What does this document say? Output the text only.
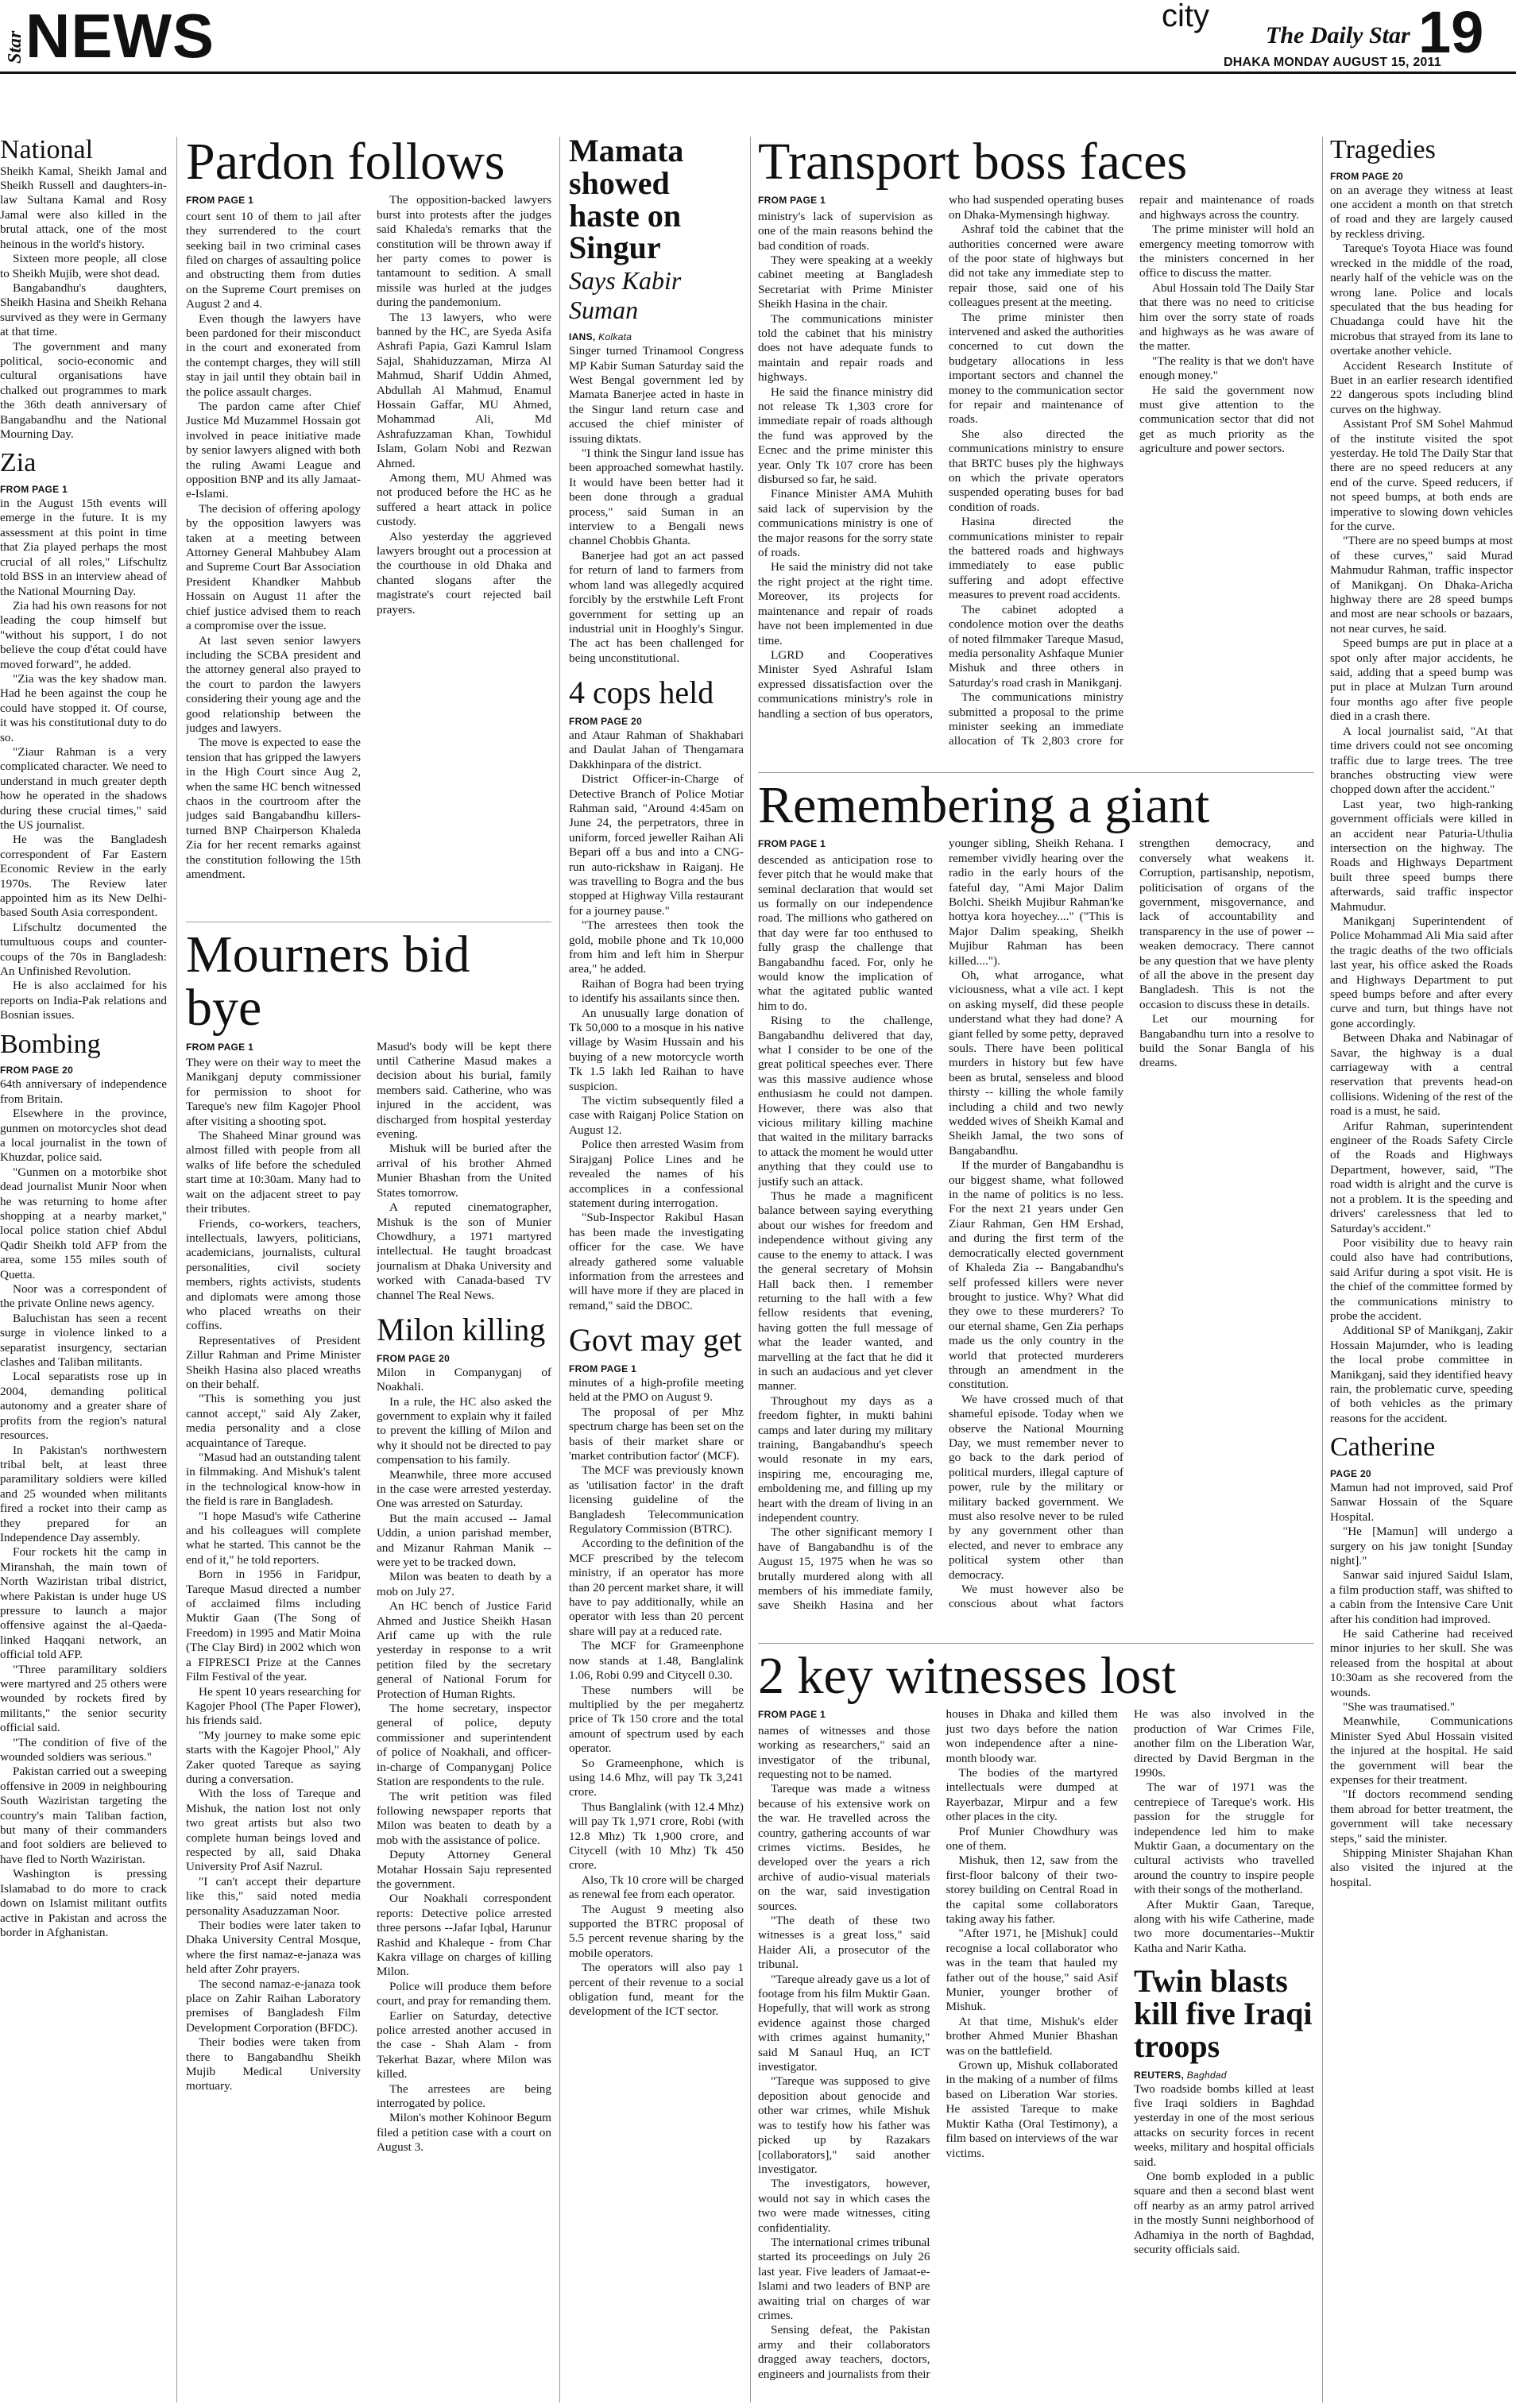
Star NEWS	city
The Daily Star
DHAKA MONDAY AUGUST 15, 2011
19
National

Sheikh Kamal, Sheikh Jamal and Sheikh Russell and daughters-in-law Sultana Kamal and Rosy Jamal were also killed in the brutal attack, one of the most heinous in the world's history.

Sixteen more people, all close to Sheikh Mujib, were shot dead.

Bangabandhu's daughters, Sheikh Hasina and Sheikh Rehana survived as they were in Germany at that time.

The government and many political, socio-economic and cultural organisations have chalked out programmes to mark the 36th death anniversary of Bangabandhu and the National Mourning Day.

Zia
FROM PAGE 1

in the August 15th events will emerge in the future. It is my assessment at this point in time that Zia played perhaps the most crucial of all roles," Lifschultz told BSS in an interview ahead of the National Mourning Day.

Zia had his own reasons for not leading the coup himself but "without his support, I do not believe the coup d'état could have moved forward", he added.

"Zia was the key shadow man. Had he been against the coup he could have stopped it. Of course, it was his constitutional duty to do so.

"Ziaur Rahman is a very complicated character. We need to understand in much greater depth how he operated in the shadows during these crucial times," said the US journalist.

He was the Bangladesh correspondent of Far Eastern Economic Review in the early 1970s. The Review later appointed him as its New Delhi-based South Asia correspondent.

Lifschultz documented the tumultuous coups and counter-coups of the 70s in Bangladesh: An Unfinished Revolution.

He is also acclaimed for his reports on India-Pak relations and Bosnian issues.

Bombing
FROM PAGE 20

64th anniversary of independence from Britain.

Elsewhere in the province, gunmen on motorcycles shot dead a local journalist in the town of Khuzdar, police said.

"Gunmen on a motorbike shot dead journalist Munir Noor when he was returning to home after shopping at a nearby market," local police station chief Abdul Qadir Sheikh told AFP from the area, some 155 miles south of Quetta.

Noor was a correspondent of the private Online news agency.

Baluchistan has seen a recent surge in violence linked to a separatist insurgency, sectarian clashes and Taliban militants.

Local separatists rose up in 2004, demanding political autonomy and a greater share of profits from the region's natural resources.

In Pakistan's northwestern tribal belt, at least three paramilitary soldiers were killed and 25 wounded when militants fired a rocket into their camp as they prepared for an Independence Day assembly.

Four rockets hit the camp in Miranshah, the main town of North Waziristan tribal district, where Pakistan is under huge US pressure to launch a major offensive against the al-Qaeda-linked Haqqani network, an official told AFP.

"Three paramilitary soldiers were martyred and 25 others were wounded by rockets fired by militants," the senior security official said.

"The condition of five of the wounded soldiers was serious."

Pakistan carried out a sweeping offensive in 2009 in neighbouring South Waziristan targeting the country's main Taliban faction, but many of their commanders and foot soldiers are believed to have fled to North Waziristan.

Washington is pressing Islamabad to do more to crack down on Islamist militant outfits active in Pakistan and across the border in Afghanistan.

Pardon follows
FROM PAGE 1

court sent 10 of them to jail after they surrendered to the court seeking bail in two criminal cases filed on charges of assaulting police and obstructing them from duties on the Supreme Court premises on August 2 and 4.

Even though the lawyers have been pardoned for their misconduct in the court and exonerated from the contempt charges, they will still stay in jail until they obtain bail in the police assault charges.

The pardon came after Chief Justice Md Muzammel Hossain got involved in peace initiative made by senior lawyers aligned with both the ruling Awami League and opposition BNP and its ally Jamaat-e-Islami.

The decision of offering apology by the opposition lawyers was taken at a meeting between Attorney General Mahbubey Alam and Supreme Court Bar Association President Khandker Mahbub Hossain on August 11 after the chief justice advised them to reach a compromise over the issue.

At last seven senior lawyers including the SCBA president and the attorney general also prayed to the court to pardon the lawyers considering their young age and the good relationship between the judges and lawyers.

The move is expected to ease the tension that has gripped the lawyers in the High Court since Aug 2, when the same HC bench witnessed chaos in the courtroom after the judges said Bangabandhu killers-turned BNP Chairperson Khaleda Zia for her recent remarks against the constitution following the 15th amendment.

The opposition-backed lawyers burst into protests after the judges said Khaleda's remarks that the constitution will be thrown away if her party comes to power is tantamount to sedition. A small missile was hurled at the judges during the pandemonium.

The 13 lawyers, who were banned by the HC, are Syeda Asifa Ashrafi Papia, Gazi Kamrul Islam Sajal, Shahiduzzaman, Mirza Al Mahmud, Sharif Uddin Ahmed, Abdullah Al Mahmud, Enamul Hossain Gaffar, MU Ahmed, Mohammad Ali, Md Ashrafuzzaman Khan, Towhidul Islam, Golam Nobi and Rezwan Ahmed.

Among them, MU Ahmed was not produced before the HC as he suffered a heart attack in police custody.

Also yesterday the aggrieved lawyers brought out a procession at the courthouse in old Dhaka and chanted slogans after the magistrate's court rejected bail prayers.

Mourners bid bye
FROM PAGE 1

They were on their way to meet the Manikganj deputy commissioner for permission to shoot for Tareque's new film Kagojer Phool after visiting a shooting spot.

The Shaheed Minar ground was almost filled with people from all walks of life before the scheduled start time at 10:30am. Many had to wait on the adjacent street to pay their tributes.

Friends, co-workers, teachers, intellectuals, lawyers, politicians, academicians, journalists, cultural personalities, civil society members, rights activists, students and diplomats were among those who placed wreaths on their coffins.

Representatives of President Zillur Rahman and Prime Minister Sheikh Hasina also placed wreaths on their behalf.

"This is something you just cannot accept," said Aly Zaker, media personality and a close acquaintance of Tareque.

"Masud had an outstanding talent in filmmaking. And Mishuk's talent in the technological know-how in the field is rare in Bangladesh.

"I hope Masud's wife Catherine and his colleagues will complete what he started. This cannot be the end of it," he told reporters.

Born in 1956 in Faridpur, Tareque Masud directed a number of acclaimed films including Muktir Gaan (The Song of Freedom) in 1995 and Matir Moina (The Clay Bird) in 2002 which won a FIPRESCI Prize at the Cannes Film Festival of the year.

He spent 10 years researching for Kagojer Phool (The Paper Flower), his friends said.

"My journey to make some epic starts with the Kagojer Phool," Aly Zaker quoted Tareque as saying during a conversation.

With the loss of Tareque and Mishuk, the nation lost not only two great artists but also two complete human beings loved and respected by all, said Dhaka University Prof Asif Nazrul.

"I can't accept their departure like this," said noted media personality Asaduzzaman Noor.

Their bodies were later taken to Dhaka University Central Mosque, where the first namaz-e-janaza was held after Zohr prayers.

The second namaz-e-janaza took place on Zahir Raihan Laboratory premises of Bangladesh Film Development Corporation (BFDC).

Their bodies were taken from there to Bangabandhu Sheikh Mujib Medical University mortuary.

Masud's body will be kept there until Catherine Masud makes a decision about his burial, family members said. Catherine, who was injured in the accident, was discharged from hospital yesterday evening.

Mishuk will be buried after the arrival of his brother Ahmed Munier Bhashan from the United States tomorrow.

A reputed cinematographer, Mishuk is the son of Munier Chowdhury, a 1971 martyred intellectual. He taught broadcast journalism at Dhaka University and worked with Canada-based TV channel The Real News.

Milon killing
FROM PAGE 20

Milon in Companyganj of Noakhali.

In a rule, the HC also asked the government to explain why it failed to prevent the killing of Milon and why it should not be directed to pay compensation to his family.

Meanwhile, three more accused in the case were arrested yesterday. One was arrested on Saturday.

But the main accused -- Jamal Uddin, a union parishad member, and Mizanur Rahman Manik -- were yet to be tracked down.

Milon was beaten to death by a mob on July 27.

An HC bench of Justice Farid Ahmed and Justice Sheikh Hasan Arif came up with the rule yesterday in response to a writ petition filed by the secretary general of National Forum for Protection of Human Rights.

The home secretary, inspector general of police, deputy commissioner and superintendent of police of Noakhali, and officer-in-charge of Companyganj Police Station are respondents to the rule.

The writ petition was filed following newspaper reports that Milon was beaten to death by a mob with the assistance of police.

Deputy Attorney General Motahar Hossain Saju represented the government.

Our Noakhali correspondent reports: Detective police arrested three persons --Jafar Iqbal, Harunur Rashid and Khaleque - from Char Kakra village on charges of killing Milon.

Police will produce them before court, and pray for remanding them.

Earlier on Saturday, detective police arrested another accused in the case - Shah Alam - from Tekerhat Bazar, where Milon was killed.

The arrestees are being interrogated by police.

Milon's mother Kohinoor Begum filed a petition case with a court on August 3.

Mamata showed haste on Singur
Says Kabir Suman
IANS, Kolkata

Singer turned Trinamool Congress MP Kabir Suman Saturday said the West Bengal government led by Mamata Banerjee acted in haste in the Singur land return case and accused the chief minister of issuing diktats.

"I think the Singur land issue has been approached somewhat hastily. It would have been better had it been done through a gradual process," said Suman in an interview to a Bengali news channel Chobbis Ghanta.

Banerjee had got an act passed for return of land to farmers from whom land was allegedly acquired forcibly by the erstwhile Left Front government for setting up an industrial unit in Hooghly's Singur. The act has been challenged for being unconstitutional.

4 cops held
FROM PAGE 20

and Ataur Rahman of Shakhabari and Daulat Jahan of Thengamara Dakkhinpara of the district.

District Officer-in-Charge of Detective Branch of Police Motiar Rahman said, "Around 4:45am on June 24, the perpetrators, three in uniform, forced jeweller Raihan Ali Bepari off a bus and into a CNG-run auto-rickshaw in Raiganj. He was travelling to Bogra and the bus stopped at Highway Villa restaurant for a journey pause."

"The arrestees then took the gold, mobile phone and Tk 10,000 from him and left him in Sherpur area," he added.

Raihan of Bogra had been trying to identify his assailants since then.

An unusually large donation of Tk 50,000 to a mosque in his native village by Wasim Hussain and his buying of a new motorcycle worth Tk 1.5 lakh led Raihan to have suspicion.

The victim subsequently filed a case with Raiganj Police Station on August 12.

Police then arrested Wasim from Sirajganj Police Lines and he revealed the names of his accomplices in a confessional statement during interrogation.

"Sub-Inspector Rakibul Hasan has been made the investigating officer for the case. We have already gathered some valuable information from the arrestees and will have more if they are placed in remand," said the DBOC.

Govt may get
FROM PAGE 1

minutes of a high-profile meeting held at the PMO on August 9.

The proposal of per Mhz spectrum charge has been set on the basis of their market share or 'market contribution factor' (MCF).

The MCF was previously known as 'utilisation factor' in the draft licensing guideline of the Bangladesh Telecommunication Regulatory Commission (BTRC).

According to the definition of the MCF prescribed by the telecom ministry, if an operator has more than 20 percent market share, it will have to pay additionally, while an operator with less than 20 percent share will pay at a reduced rate.

The MCF for Grameenphone now stands at 1.48, Banglalink 1.06, Robi 0.99 and Citycell 0.30.

These numbers will be multiplied by the per megahertz price of Tk 150 crore and the total amount of spectrum used by each operator.

So Grameenphone, which is using 14.6 Mhz, will pay Tk 3,241 crore.

Thus Banglalink (with 12.4 Mhz) will pay Tk 1,971 crore, Robi (with 12.8 Mhz) Tk 1,900 crore, and Citycell (with 10 Mhz) Tk 450 crore.

Also, Tk 10 crore will be charged as renewal fee from each operator.

The August 9 meeting also supported the BTRC proposal of 5.5 percent revenue sharing by the mobile operators.

The operators will also pay 1 percent of their revenue to a social obligation fund, meant for the development of the ICT sector.

Transport boss faces
FROM PAGE 1

ministry's lack of supervision as one of the main reasons behind the bad condition of roads.

They were speaking at a weekly cabinet meeting at Bangladesh Secretariat with Prime Minister Sheikh Hasina in the chair.

The communications minister told the cabinet that his ministry does not have adequate funds to maintain and repair roads and highways.

He said the finance ministry did not release Tk 1,303 crore for immediate repair of roads although the fund was approved by the Ecnec and the prime minister this year. Only Tk 107 crore has been disbursed so far, he said.

Finance Minister AMA Muhith said lack of supervision by the communications ministry is one of the major reasons for the sorry state of roads.

He said the ministry did not take the right project at the right time. Moreover, its projects for maintenance and repair of roads have not been implemented in due time.

LGRD and Cooperatives Minister Syed Ashraful Islam expressed dissatisfaction over the communications ministry's role in handling a section of bus operators, who had suspended operating buses on Dhaka-Mymensingh highway.

Ashraf told the cabinet that the authorities concerned were aware of the poor state of highways but did not take any immediate step to repair those, said one of his colleagues present at the meeting.

The prime minister then intervened and asked the authorities concerned to cut down the budgetary allocations in less important sectors and channel the money to the communication sector for repair and maintenance of roads.

She also directed the communications ministry to ensure that BRTC buses ply the highways on which the private operators suspended operating buses for bad condition of roads.

Hasina directed the communications minister to repair the battered roads and highways immediately to ease public suffering and adopt effective measures to prevent road accidents.

The cabinet adopted a condolence motion over the deaths of noted filmmaker Tareque Masud, media personality Ashfaque Munier Mishuk and three others in Saturday's road crash in Manikganj.

The communications ministry submitted a proposal to the prime minister seeking an immediate allocation of Tk 2,803 crore for repair and maintenance of roads and highways across the country.

The prime minister will hold an emergency meeting tomorrow with the ministers concerned in her office to discuss the matter.

Abul Hossain told The Daily Star that there was no need to criticise him over the sorry state of roads and highways as he was aware of the matter.

"The reality is that we don't have enough money."

He said the government now must give attention to the communication sector that did not get as much priority as the agriculture and power sectors.

Remembering a giant
FROM PAGE 1

descended as anticipation rose to fever pitch that he would make that seminal declaration that would set us formally on our independence road. The millions who gathered on that day were far too enthused to fully grasp the challenge that Bangabandhu faced. For, only he would know the implication of what the agitated public wanted him to do.

Rising to the challenge, Bangabandhu delivered that day, what I consider to be one of the great political speeches ever. There was this massive audience whose enthusiasm he could not dampen. However, there was also that vicious military killing machine that waited in the military barracks to attack the moment he would utter anything that they could use to justify such an attack.

Thus he made a magnificent balance between saying everything about our wishes for freedom and independence without giving any cause to the enemy to attack. I was the general secretary of Mohsin Hall back then. I remember returning to the hall with a few fellow residents that evening, having gotten the full message of what the leader wanted, and marvelling at the fact that he did it in such an audacious and yet clever manner.

Throughout my days as a freedom fighter, in mukti bahini camps and later during my military training, Bangabandhu's speech would resonate in my ears, inspiring me, encouraging me, emboldening me, and filling up my heart with the dream of living in an independent country.

The other significant memory I have of Bangabandhu is of the August 15, 1975 when he was so brutally murdered along with all members of his immediate family, save Sheikh Hasina and her younger sibling, Sheikh Rehana. I remember vividly hearing over the radio in the early hours of the fateful day, "Ami Major Dalim Bolchi. Sheikh Mujibur Rahman'ke hottya kora hoyechey...." ("This is Major Dalim speaking, Sheikh Mujibur Rahman has been killed....").

Oh, what arrogance, what viciousness, what a vile act. I kept on asking myself, did these people understand what they had done? A giant felled by some petty, depraved souls. There have been political murders in history but few have been as brutal, senseless and blood thirsty -- killing the whole family including a child and two newly wedded wives of Sheikh Kamal and Sheikh Jamal, the two sons of Bangabandhu.

If the murder of Bangabandhu is our biggest shame, what followed in the name of politics is no less. For the next 21 years under Gen Ziaur Rahman, Gen HM Ershad, and during the first term of the democratically elected government of Khaleda Zia -- Bangabandhu's self professed killers were never brought to justice. Why? What did they owe to these murderers? To our eternal shame, Gen Zia perhaps made us the only country in the world that protected murderers through an amendment in the constitution.

We have crossed much of that shameful episode. Today when we observe the National Mourning Day, we must remember never to go back to the dark period of political murders, illegal capture of power, rule by the military or military backed government. We must also resolve never to be ruled by any government other than elected, and never to embrace any political system other than democracy.

We must however also be conscious about what factors strengthen democracy, and conversely what weakens it. Corruption, partisanship, nepotism, politicisation of organs of the government, misgovernance, and lack of accountability and transparency in the use of power -- weaken democracy. There cannot be any question that we have plenty of all the above in the present day Bangladesh. This is not the occasion to discuss these in details.

Let our mourning for Bangabandhu turn into a resolve to build the Sonar Bangla of his dreams.

2 key witnesses lost
FROM PAGE 1

names of witnesses and those working as researchers," said an investigator of the tribunal, requesting not to be named.

Tareque was made a witness because of his extensive work on the war. He travelled across the country, gathering accounts of war crimes victims. Besides, he developed over the years a rich archive of audio-visual materials on the war, said investigation sources.

"The death of these two witnesses is a great loss," said Haider Ali, a prosecutor of the tribunal.

"Tareque already gave us a lot of footage from his film Muktir Gaan. Hopefully, that will work as strong evidence against those charged with crimes against humanity," said M Sanaul Huq, an ICT investigator.

"Tareque was supposed to give deposition about genocide and other war crimes, while Mishuk was to testify how his father was picked up by Razakars [collaborators]," said another investigator.

The investigators, however, would not say in which cases the two were made witnesses, citing confidentiality.

The international crimes tribunal started its proceedings on July 26 last year. Five leaders of Jamaat-e-Islami and two leaders of BNP are awaiting trial on charges of war crimes.

Sensing defeat, the Pakistan army and their collaborators dragged away teachers, doctors, engineers and journalists from their houses in Dhaka and killed them just two days before the nation won independence after a nine-month bloody war.

The bodies of the martyred intellectuals were dumped at Rayerbazar, Mirpur and a few other places in the city.

Prof Munier Chowdhury was one of them.

Mishuk, then 12, saw from the first-floor balcony of their two-storey building on Central Road in the capital some collaborators taking away his father.

"After 1971, he [Mishuk] could recognise a local collaborator who was in the team that hauled my father out of the house," said Asif Munier, younger brother of Mishuk.

At that time, Mishuk's elder brother Ahmed Munier Bhashan was on the battlefield.

Grown up, Mishuk collaborated in the making of a number of films based on Liberation War stories. He assisted Tareque to make Muktir Katha (Oral Testimony), a film based on interviews of the war victims.

He was also involved in the production of War Crimes File, another film on the Liberation War, directed by David Bergman in the 1990s.

The war of 1971 was the centrepiece of Tareque's work. His passion for the struggle for independence led him to make Muktir Gaan, a documentary on the cultural activists who travelled around the country to inspire people with their songs of the motherland.

After Muktir Gaan, Tareque, along with his wife Catherine, made two more documentaries--Muktir Katha and Narir Katha.

Twin blasts kill five Iraqi troops
REUTERS, Baghdad

Two roadside bombs killed at least five Iraqi soldiers in Baghdad yesterday in one of the most serious attacks on security forces in recent weeks, military and hospital officials said.

One bomb exploded in a public square and then a second blast went off nearby as an army patrol arrived in the mostly Sunni neighborhood of Adhamiya in the north of Baghdad, security officials said.

Tragedies
FROM PAGE 20

on an average they witness at least one accident a month on that stretch of road and they are largely caused by reckless driving.

Tareque's Toyota Hiace was found wrecked in the middle of the road, nearly half of the vehicle was on the wrong lane. Police and locals speculated that the bus heading for Chuadanga could have hit the microbus that strayed from its lane to overtake another vehicle.

Accident Research Institute of Buet in an earlier research identified 22 dangerous spots including blind curves on the highway.

Assistant Prof SM Sohel Mahmud of the institute visited the spot yesterday. He told The Daily Star that there are no speed reducers at any end of the curve. Speed reducers, if not speed bumps, at both ends are imperative to slowing down vehicles for the curve.

"There are no speed bumps at most of these curves," said Murad Mahmudur Rahman, traffic inspector of Manikganj. On Dhaka-Aricha highway there are 28 speed bumps and most are near schools or bazaars, not near curves, he said.

Speed bumps are put in place at a spot only after major accidents, he said, adding that a speed bump was put in place at Mulzan Turn around four months ago after five people died in a crash there.

A local journalist said, "At that time drivers could not see oncoming traffic due to large trees. The tree branches obstructing view were chopped down after the accident."

Last year, two high-ranking government officials were killed in an accident near Paturia-Uthulia intersection on the highway. The Roads and Highways Department built three speed bumps there afterwards, said traffic inspector Mahmudur.

Manikganj Superintendent of Police Mohammad Ali Mia said after the tragic deaths of the two officials last year, his office asked the Roads and Highways Department to put speed bumps before and after every curve and turn, but things have not gone accordingly.

Between Dhaka and Nabinagar of Savar, the highway is a dual carriageway with a central reservation that prevents head-on collisions. Widening of the rest of the road is a must, he said.

Arifur Rahman, superintendent engineer of the Roads Safety Circle of the Roads and Highways Department, however, said, "The road width is alright and the curve is not a problem. It is the speeding and drivers' carelessness that led to Saturday's accident."

Poor visibility due to heavy rain could also have had contributions, said Arifur during a spot visit. He is the chief of the committee formed by the communications ministry to probe the accident.

Additional SP of Manikganj, Zakir Hossain Majumder, who is leading the local probe committee in Manikganj, said they identified heavy rain, the problematic curve, speeding of both vehicles as the primary reasons for the accident.

Catherine
PAGE 20

Mamun had not improved, said Prof Sanwar Hossain of the Square Hospital.

"He [Mamun] will undergo a surgery on his jaw tonight [Sunday night]."

Sanwar said injured Saidul Islam, a film production staff, was shifted to a cabin from the Intensive Care Unit after his condition had improved.

He said Catherine had received minor injuries to her skull. She was released from the hospital at about 10:30am as she recovered from the wounds.

"She was traumatised."

Meanwhile, Communications Minister Syed Abul Hossain visited the injured at the hospital. He said the government will bear the expenses for their treatment.

"If doctors recommend sending them abroad for better treatment, the government will take necessary steps," said the minister.

Shipping Minister Shajahan Khan also visited the injured at the hospital.
